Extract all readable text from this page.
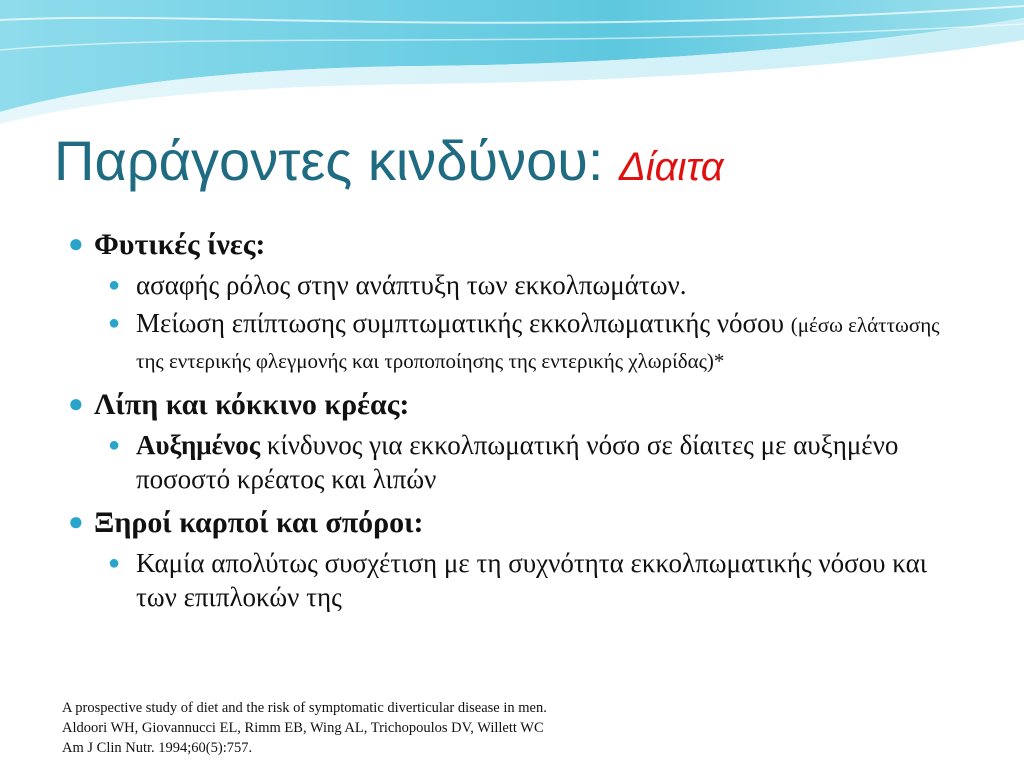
Παράγοντες κινδύνου: Δίαιτα
● Φυτικές ίνες:
● ασαφής ρόλος στην ανάπτυξη των εκκολπωμάτων.
● Μείωση επίπτωσης συμπτωματικής εκκολπωματικής νόσου (μέσω ελάττωσης της εντερικής φλεγμονής και τροποποίησης της εντερικής χλωρίδας)*
● Λίπη και κόκκινο κρέας:
● Αυξημένος κίνδυνος για εκκολπωματική νόσο σε δίαιτες με αυξημένο ποσοστό κρέατος και λιπών
● Ξηροί καρποί και σπόροι:
● Καμία απολύτως συσχέτιση με τη συχνότητα εκκολπωματικής νόσου και των επιπλοκών της
A prospective study of diet and the risk of symptomatic diverticular disease in men.
Aldoori WH, Giovannucci EL, Rimm EB, Wing AL, Trichopoulos DV, Willett WC
Am J Clin Nutr. 1994;60(5):757.
